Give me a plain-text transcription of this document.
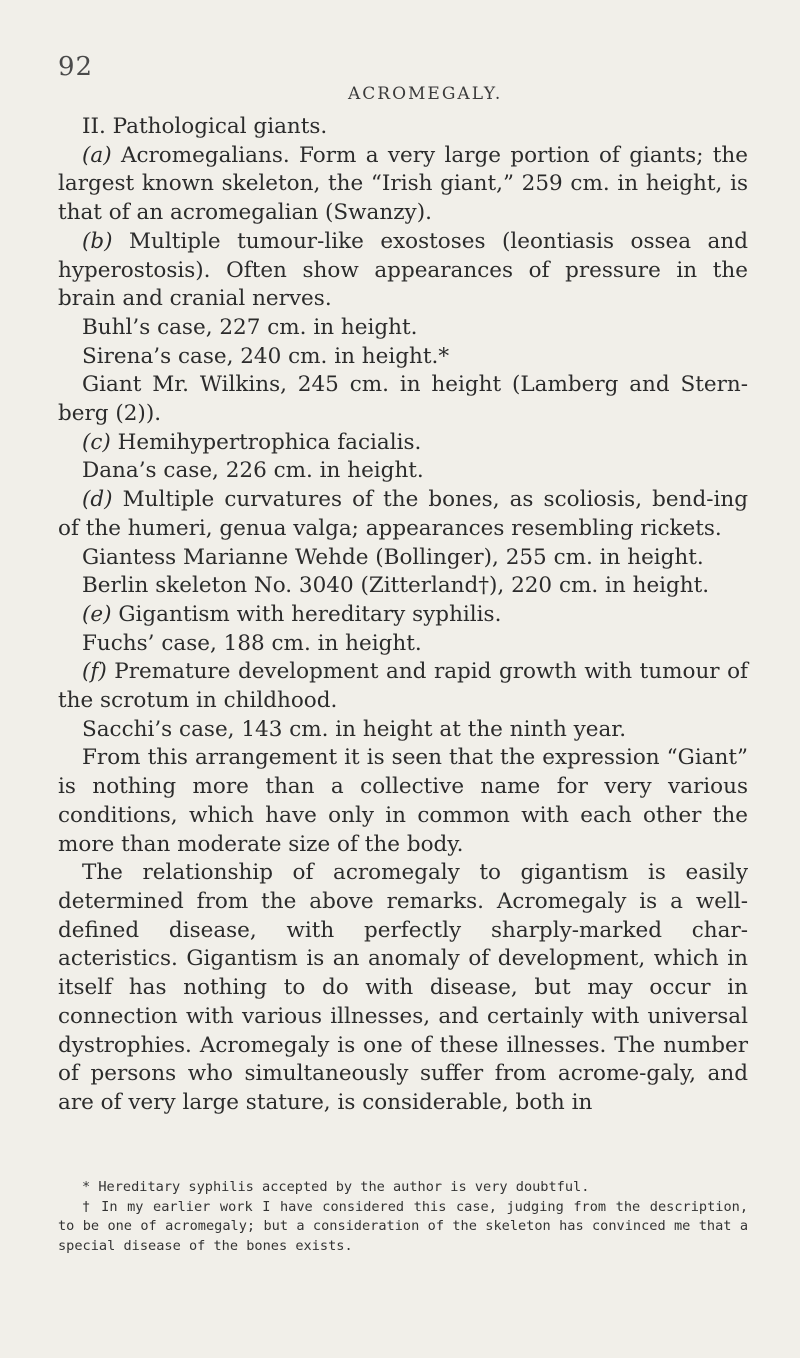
92
ACROMEGALY.

II. Pathological giants.

(a) Acromegalians. Form a very large portion of giants; the largest known skeleton, the “Irish giant,” 259 cm. in height, is that of an acromegalian (Swanzy).

(b) Multiple tumour-like exostoses (leontiasis ossea and hyperostosis). Often show appearances of pressure in the brain and cranial nerves.

Buhl’s case, 227 cm. in height.

Sirena’s case, 240 cm. in height.*

Giant Mr. Wilkins, 245 cm. in height (Lamberg and Stern-berg (2)).

(c) Hemihypertrophica facialis.

Dana’s case, 226 cm. in height.

(d) Multiple curvatures of the bones, as scoliosis, bend-ing of the humeri, genua valga; appearances resembling rickets.

Giantess Marianne Wehde (Bollinger), 255 cm. in height.

Berlin skeleton No. 3040 (Zitterland†), 220 cm. in height.

(e) Gigantism with hereditary syphilis.

Fuchs’ case, 188 cm. in height.

(f) Premature development and rapid growth with tumour of the scrotum in childhood.

Sacchi’s case, 143 cm. in height at the ninth year.

From this arrangement it is seen that the expression “Giant” is nothing more than a collective name for very various conditions, which have only in common with each other the more than moderate size of the body.

The relationship of acromegaly to gigantism is easily determined from the above remarks. Acromegaly is a well-defined disease, with perfectly sharply-marked char-acteristics. Gigantism is an anomaly of development, which in itself has nothing to do with disease, but may occur in connection with various illnesses, and certainly with universal dystrophies. Acromegaly is one of these illnesses. The number of persons who simultaneously suffer from acrome-galy, and are of very large stature, is considerable, both in

* Hereditary syphilis accepted by the author is very doubtful.

† In my earlier work I have considered this case, judging from the description, to be one of acromegaly; but a consideration of the skeleton has convinced me that a special disease of the bones exists.
